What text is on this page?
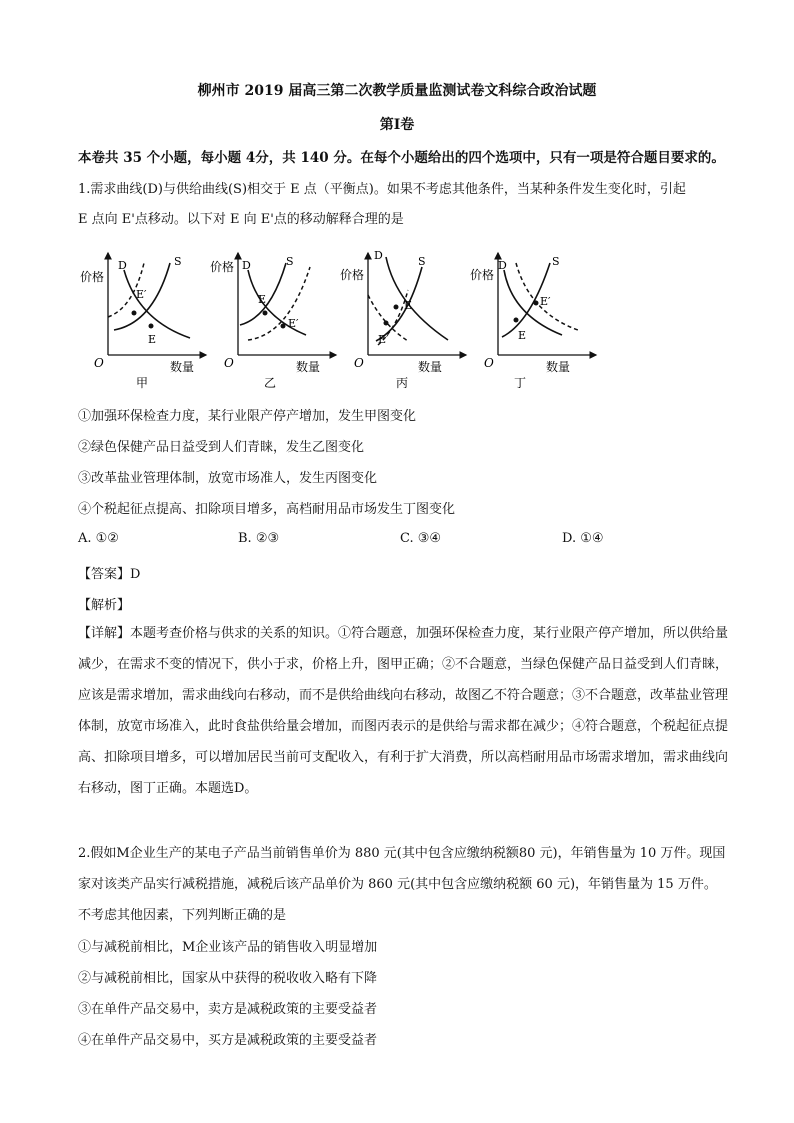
柳州市 2019 届高三第二次教学质量监测试卷文科综合政治试题
第Ⅰ卷
本卷共 35 个小题，每小题 4分，共 140 分。在每个小题给出的四个选项中，只有一项是符合题目要求的。
1.需求曲线(D)与供给曲线(S)相交于 E 点（平衡点)。如果不考虑其他条件，当某种条件发生变化时，引起
E 点向 E'点移动。以下对 E 向 E'点的移动解释合理的是
价格
O	数量
D	S
E′
E
甲
价格
O	数量
D	S
E
E′
乙
价格
O	数量
D	S
E
E′
丙
价格
O	数量
D	S
E′
E
丁
①加强环保检查力度，某行业限产停产增加，发生甲图变化
②绿色保健产品日益受到人们青睐，发生乙图变化
③改革盐业管理体制，放宽市场准人，发生丙图变化
④个税起征点提高、扣除项目增多，高档耐用品市场发生丁图变化
A. ①②	B. ②③	C. ③④	D. ①④
【答案】D
【解析】
【详解】本题考查价格与供求的关系的知识。①符合题意，加强环保检查力度，某行业限产停产增加，所以供给量减少，在需求不变的情况下，供小于求，价格上升，图甲正确；②不合题意，当绿色保健产品日益受到人们青睐，应该是需求增加，需求曲线向右移动，而不是供给曲线向右移动，故图乙不符合题意；③不合题意，改革盐业管理体制，放宽市场准入，此时食盐供给量会增加，而图丙表示的是供给与需求都在减少；④符合题意，个税起征点提高、扣除项目增多，可以增加居民当前可支配收入，有利于扩大消费，所以高档耐用品市场需求增加，需求曲线向右移动，图丁正确。本题选D。
2.假如M企业生产的某电子产品当前销售单价为 880 元(其中包含应缴纳税额80 元)，年销售量为 10 万件。现国家对该类产品实行减税措施，减税后该产品单价为 860 元(其中包含应缴纳税额 60 元)，年销售量为 15 万件。不考虑其他因素，下列判断正确的是
①与减税前相比，M企业该产品的销售收入明显增加
②与减税前相比，国家从中获得的税收收入略有下降
③在单件产品交易中，卖方是减税政策的主要受益者
④在单件产品交易中，买方是减税政策的主要受益者
